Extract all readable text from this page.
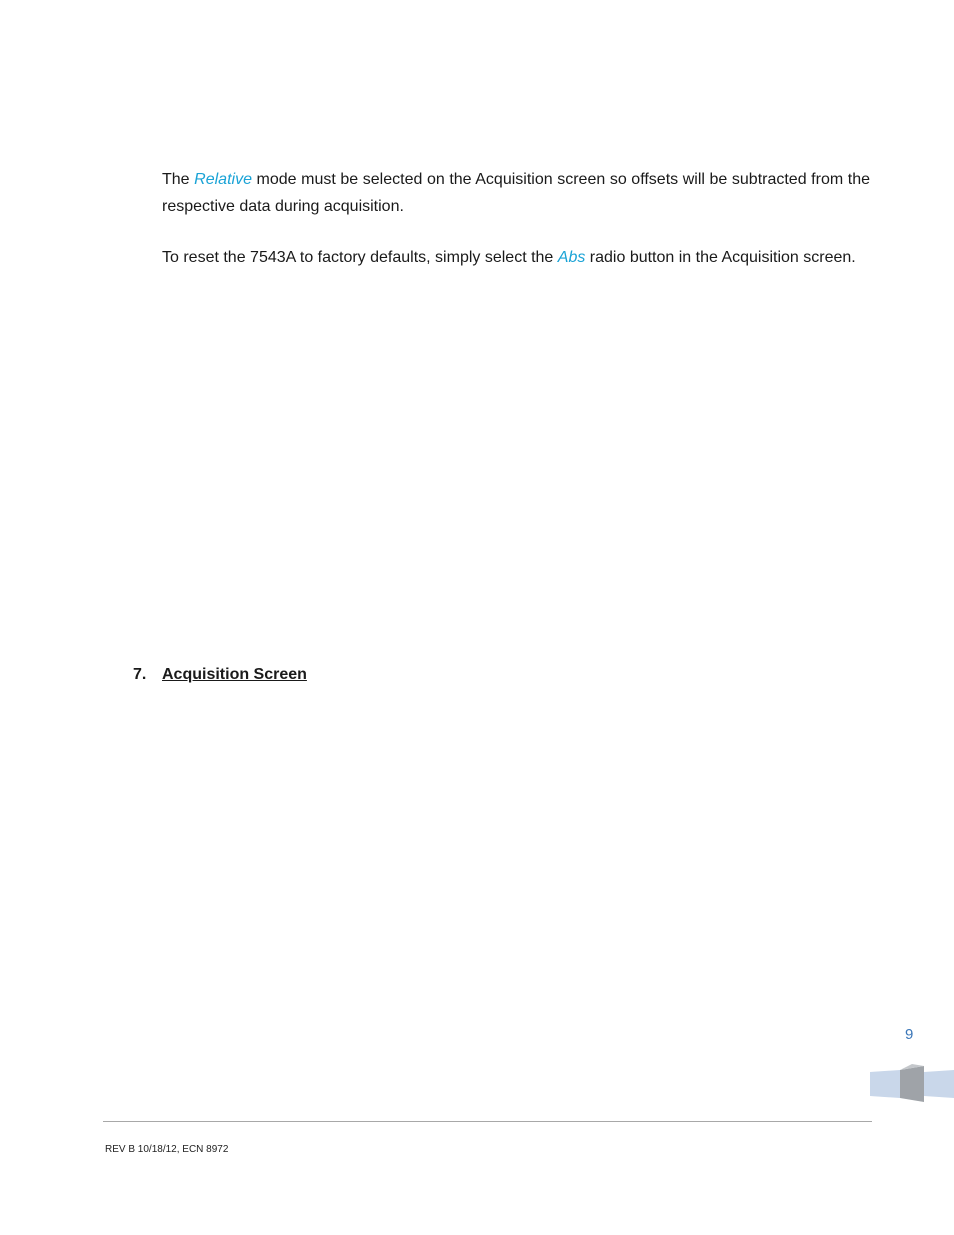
The Relative mode must be selected on the Acquisition screen so offsets will be subtracted from the respective data during acquisition.

To reset the 7543A to factory defaults, simply select the Abs radio button in the Acquisition screen.

7. Acquisition Screen
9
REV B 10/18/12, ECN 8972
